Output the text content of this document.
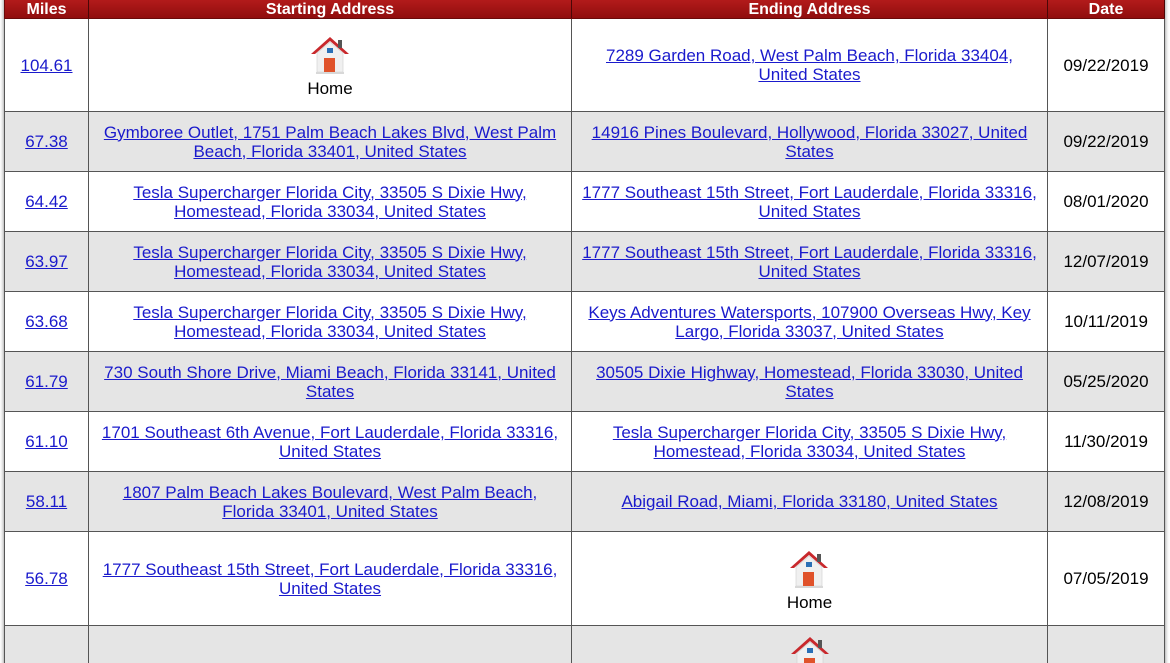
Miles	Starting Address	Ending Address	Date
104.61	Home	7289 Garden Road, West Palm Beach, Florida 33404, United States	09/22/2019
67.38	Gymboree Outlet, 1751 Palm Beach Lakes Blvd, West Palm Beach, Florida 33401, United States	14916 Pines Boulevard, Hollywood, Florida 33027, United States	09/22/2019
64.42	Tesla Supercharger Florida City, 33505 S Dixie Hwy, Homestead, Florida 33034, United States	1777 Southeast 15th Street, Fort Lauderdale, Florida 33316, United States	08/01/2020
63.97	Tesla Supercharger Florida City, 33505 S Dixie Hwy, Homestead, Florida 33034, United States	1777 Southeast 15th Street, Fort Lauderdale, Florida 33316, United States	12/07/2019
63.68	Tesla Supercharger Florida City, 33505 S Dixie Hwy, Homestead, Florida 33034, United States	Keys Adventures Watersports, 107900 Overseas Hwy, Key Largo, Florida 33037, United States	10/11/2019
61.79	730 South Shore Drive, Miami Beach, Florida 33141, United States	30505 Dixie Highway, Homestead, Florida 33030, United States	05/25/2020
61.10	1701 Southeast 6th Avenue, Fort Lauderdale, Florida 33316, United States	Tesla Supercharger Florida City, 33505 S Dixie Hwy, Homestead, Florida 33034, United States	11/30/2019
58.11	1807 Palm Beach Lakes Boulevard, West Palm Beach, Florida 33401, United States	Abigail Road, Miami, Florida 33180, United States	12/08/2019
56.78	1777 Southeast 15th Street, Fort Lauderdale, Florida 33316, United States	Home	07/05/2019
